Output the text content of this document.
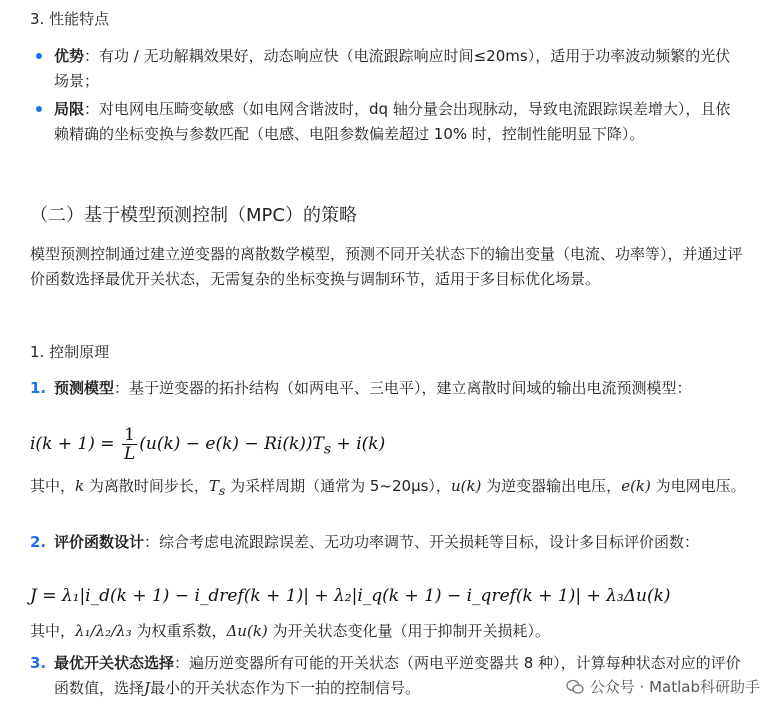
3. 性能特点
优势：有功 / 无功解耦效果好，动态响应快（电流跟踪响应时间≤20ms），适用于功率波动频繁的光伏场景；
局限：对电网电压畸变敏感（如电网含谐波时，dq 轴分量会出现脉动，导致电流跟踪误差增大），且依赖精确的坐标变换与参数匹配（电感、电阻参数偏差超过 10% 时，控制性能明显下降）。
（二）基于模型预测控制（MPC）的策略
模型预测控制通过建立逆变器的离散数学模型，预测不同开关状态下的输出变量（电流、功率等），并通过评价函数选择最优开关状态，无需复杂的坐标变换与调制环节，适用于多目标优化场景。
1. 控制原理
1. 预测模型：基于逆变器的拓扑结构（如两电平、三电平），建立离散时间域的输出电流预测模型：
$i(k + 1) = \frac{1}{L} (u(k) - e(k) - Ri(k))T_s + i(k)$
其中，k 为离散时间步长，$T_s$ 为采样周期（通常为 5~20μs），u(k) 为逆变器输出电压，e(k) 为电网电压。
2. 评价函数设计：综合考虑电流跟踪误差、无功功率调节、开关损耗等目标，设计多目标评价函数：
J = λ₁|i_d(k + 1) − i_dref(k + 1)| + λ₂|i_q(k + 1) − i_qref(k + 1)| + λ₃Δu(k)
其中，λ₁/λ₂/λ₃ 为权重系数，Δu(k) 为开关状态变化量（用于抑制开关损耗）。
3. 最优开关状态选择：遍历逆变器所有可能的开关状态（两电平逆变器共 8 种），计算每种状态对应的评价函数值，选择J最小的开关状态作为下一拍的控制信号。	公众号 · Matlab科研助手
